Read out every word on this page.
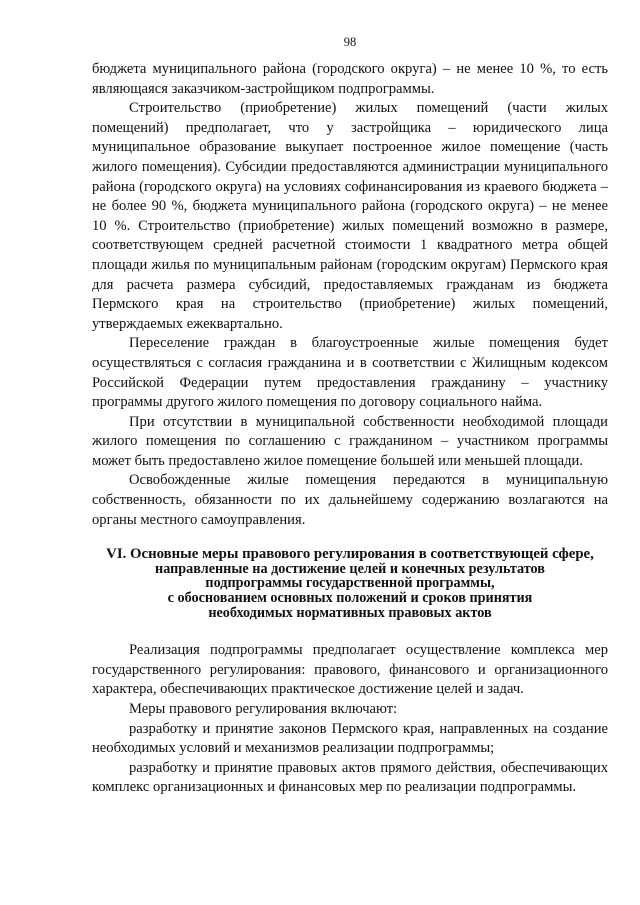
98

бюджета муниципального района (городского округа) – не менее 10 %, то есть являющаяся заказчиком-застройщиком подпрограммы.

Строительство (приобретение) жилых помещений (части жилых помещений) предполагает, что у застройщика – юридического лица муниципальное образование выкупает построенное жилое помещение (часть жилого помещения). Субсидии предоставляются администрации муниципального района (городского округа) на условиях софинансирования из краевого бюджета – не более 90 %, бюджета муниципального района (городского округа) – не менее 10 %. Строительство (приобретение) жилых помещений возможно в размере, соответствующем средней расчетной стоимости 1 квадратного метра общей площади жилья по муниципальным районам (городским округам) Пермского края для расчета размера субсидий, предоставляемых гражданам из бюджета Пермского края на строительство (приобретение) жилых помещений, утверждаемых ежеквартально.

Переселение граждан в благоустроенные жилые помещения будет осуществляться с согласия гражданина и в соответствии с Жилищным кодексом Российской Федерации путем предоставления гражданину – участнику программы другого жилого помещения по договору социального найма.

При отсутствии в муниципальной собственности необходимой площади жилого помещения по соглашению с гражданином – участником программы может быть предоставлено жилое помещение большей или меньшей площади.

Освобожденные жилые помещения передаются в муниципальную собственность, обязанности по их дальнейшему содержанию возлагаются на органы местного самоуправления.

VI. Основные меры правового регулирования в соответствующей сфере,
направленные на достижение целей и конечных результатов
подпрограммы государственной программы,
с обоснованием основных положений и сроков принятия
необходимых нормативных правовых актов

Реализация подпрограммы предполагает осуществление комплекса мер государственного регулирования: правового, финансового и организационного характера, обеспечивающих практическое достижение целей и задач.

Меры правового регулирования включают:

разработку и принятие законов Пермского края, направленных на создание необходимых условий и механизмов реализации подпрограммы;

разработку и принятие правовых актов прямого действия, обеспечивающих комплекс организационных и финансовых мер по реализации подпрограммы.
